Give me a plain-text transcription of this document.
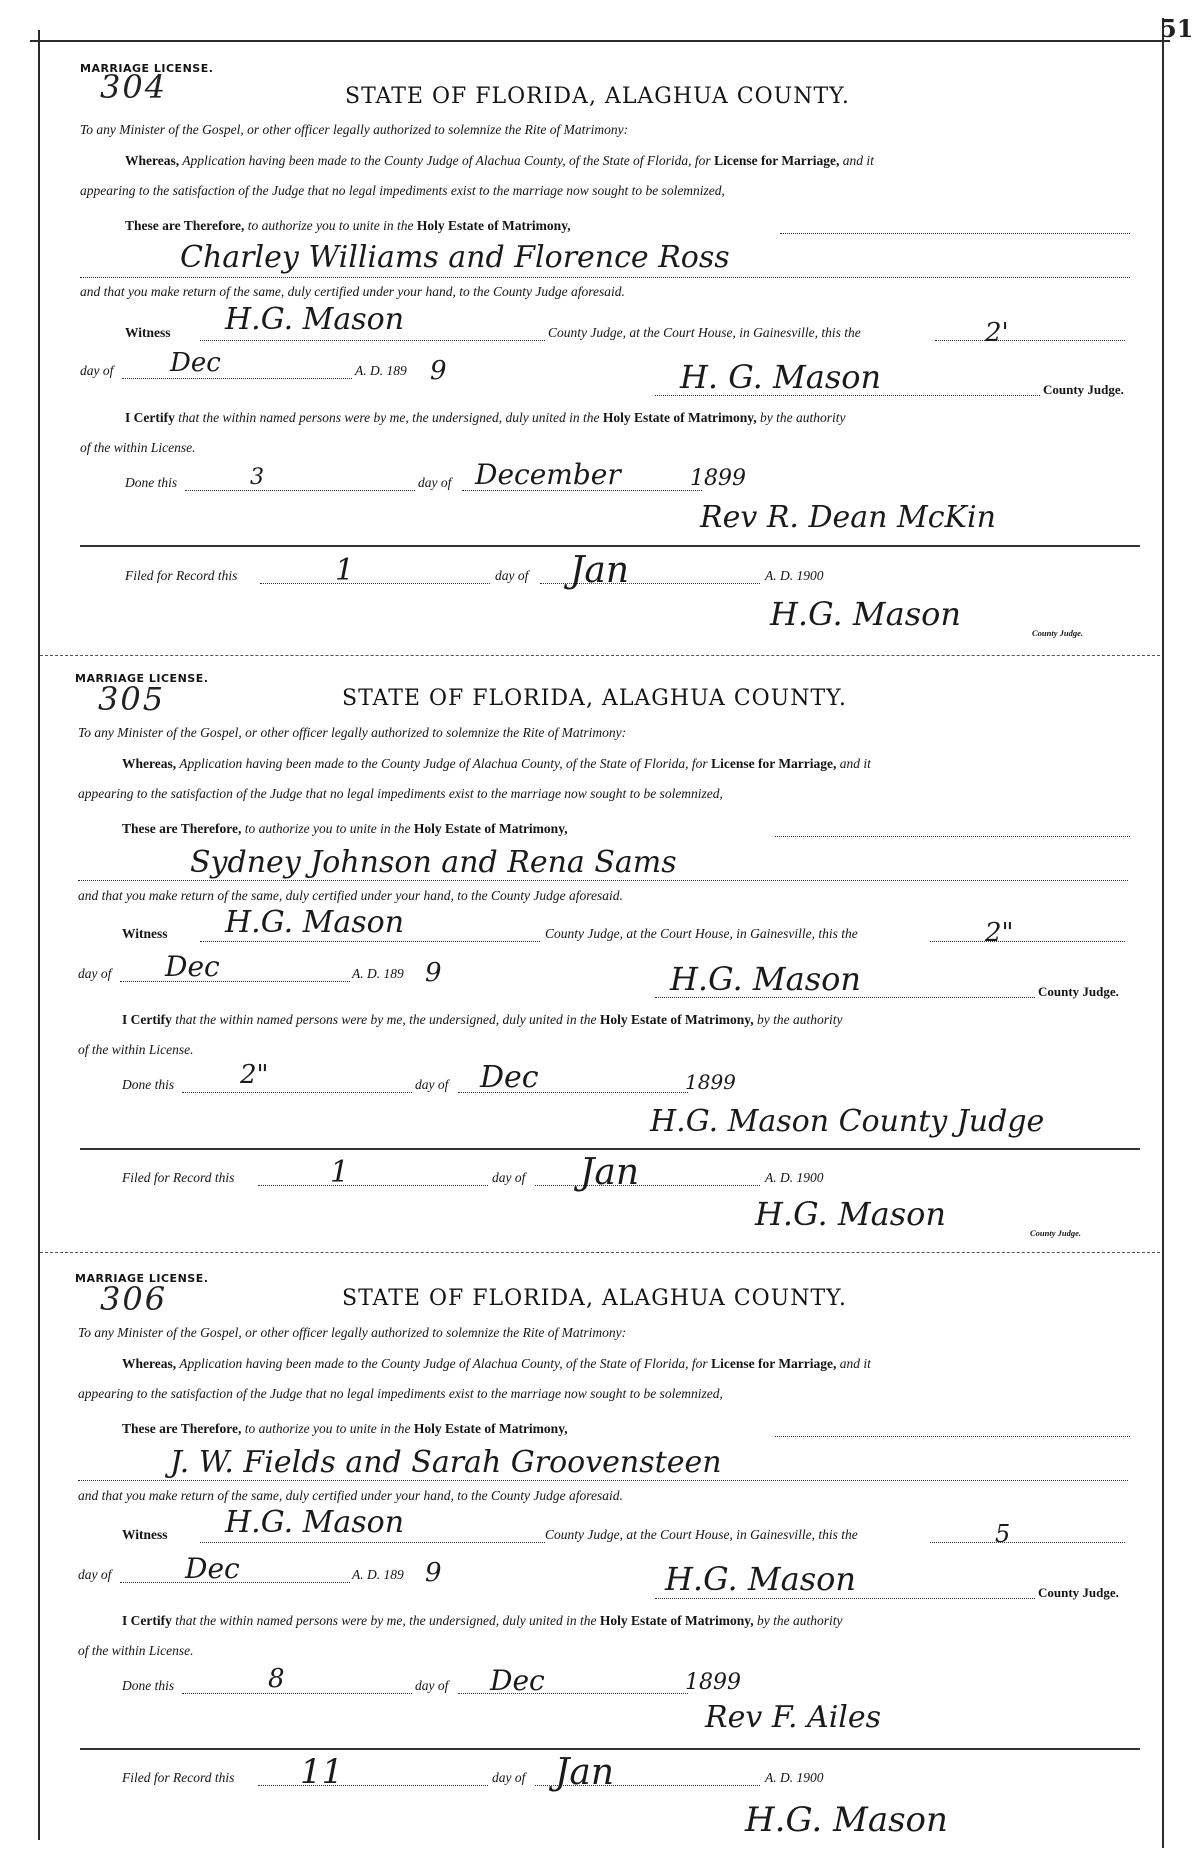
51
MARRIAGE LICENSE.
304	STATE OF FLORIDA, ALAGHUA COUNTY.
To any Minister of the Gospel, or other officer legally authorized to solemnize the Rite of Matrimony:
Whereas, Application having been made to the County Judge of Alachua County, of the State of Florida, for License for Marriage, and it
appearing to the satisfaction of the Judge that no legal impediments exist to the marriage now sought to be solemnized,
These are Therefore, to authorize you to unite in the Holy Estate of Matrimony,
Charley Williams and Florence Ross
and that you make return of the same, duly certified under your hand, to the County Judge aforesaid.
Witness H.G. Mason	County Judge, at the Court House, in Gainesville, this the	2'
day of Dec	A. D. 189 9	H. G. Mason	County Judge.
I Certify that the within named persons were by me, the undersigned, duly united in the Holy Estate of Matrimony, by the authority
of the within License.
Done this	3	day of December	1899
Rev R. Dean McKin
Filed for Record this	1	day of Jan	A. D. 1900
H.G. Mason	County Judge.
MARRIAGE LICENSE.
305	STATE OF FLORIDA, ALAGHUA COUNTY.
To any Minister of the Gospel, or other officer legally authorized to solemnize the Rite of Matrimony:
Whereas, Application having been made to the County Judge of Alachua County, of the State of Florida, for License for Marriage, and it
appearing to the satisfaction of the Judge that no legal impediments exist to the marriage now sought to be solemnized,
These are Therefore, to authorize you to unite in the Holy Estate of Matrimony,
Sydney Johnson and Rena Sams
and that you make return of the same, duly certified under your hand, to the County Judge aforesaid.
Witness H.G. Mason	County Judge, at the Court House, in Gainesville, this the	2"
day of Dec	A. D. 189 9	H.G. Mason	County Judge.
I Certify that the within named persons were by me, the undersigned, duly united in the Holy Estate of Matrimony, by the authority
of the within License.
Done this	2"	day of Dec	1899
H.G. Mason County Judge
Filed for Record this	1	day of Jan	A. D. 1900
H.G. Mason	County Judge.
MARRIAGE LICENSE.
306	STATE OF FLORIDA, ALAGHUA COUNTY.
To any Minister of the Gospel, or other officer legally authorized to solemnize the Rite of Matrimony:
Whereas, Application having been made to the County Judge of Alachua County, of the State of Florida, for License for Marriage, and it
appearing to the satisfaction of the Judge that no legal impediments exist to the marriage now sought to be solemnized,
These are Therefore, to authorize you to unite in the Holy Estate of Matrimony,
J. W. Fields and Sarah Groovensteen
and that you make return of the same, duly certified under your hand, to the County Judge aforesaid.
Witness H.G. Mason	County Judge, at the Court House, in Gainesville, this the	5
day of	Dec	A. D. 189 9	H.G. Mason	County Judge.
I Certify that the within named persons were by me, the undersigned, duly united in the Holy Estate of Matrimony, by the authority
of the within License.
Done this	8	day of Dec	1899
Rev F. Ailes
Filed for Record this 11	day of Jan	A. D. 1900
H.G. Mason
